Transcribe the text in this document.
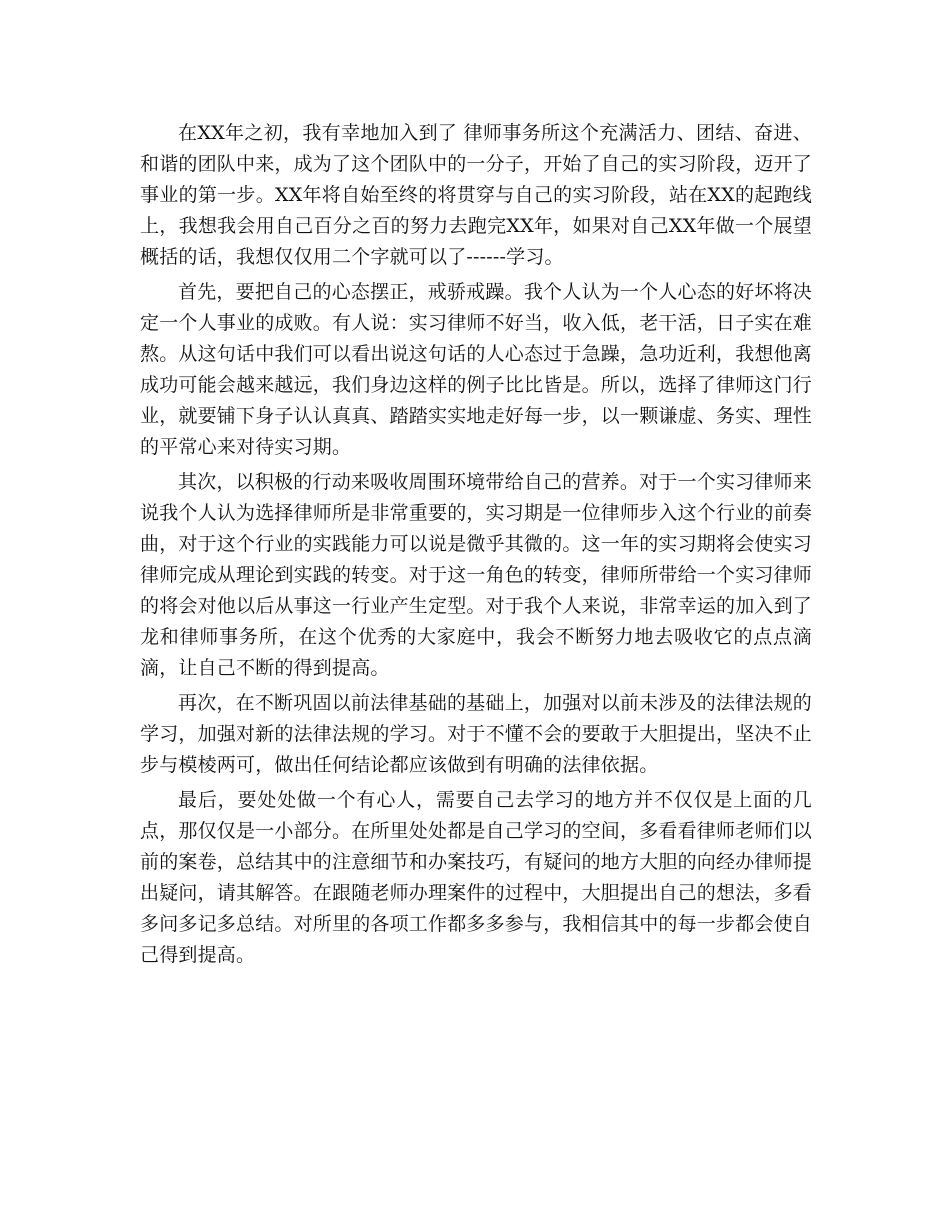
在XX年之初，我有幸地加入到了 律师事务所这个充满活力、团结、奋进、和谐的团队中来，成为了这个团队中的一分子，开始了自己的实习阶段，迈开了事业的第一步。XX年将自始至终的将贯穿与自己的实习阶段，站在XX的起跑线上，我想我会用自己百分之百的努力去跑完XX年，如果对自己XX年做一个展望概括的话，我想仅仅用二个字就可以了------学习。

首先，要把自己的心态摆正，戒骄戒躁。我个人认为一个人心态的好坏将决定一个人事业的成败。有人说：实习律师不好当，收入低，老干活，日子实在难熬。从这句话中我们可以看出说这句话的人心态过于急躁，急功近利，我想他离成功可能会越来越远，我们身边这样的例子比比皆是。所以，选择了律师这门行业，就要铺下身子认认真真、踏踏实实地走好每一步，以一颗谦虚、务实、理性的平常心来对待实习期。

其次，以积极的行动来吸收周围环境带给自己的营养。对于一个实习律师来说我个人认为选择律师所是非常重要的，实习期是一位律师步入这个行业的前奏曲，对于这个行业的实践能力可以说是微乎其微的。这一年的实习期将会使实习律师完成从理论到实践的转变。对于这一角色的转变，律师所带给一个实习律师的将会对他以后从事这一行业产生定型。对于我个人来说，非常幸运的加入到了龙和律师事务所，在这个优秀的大家庭中，我会不断努力地去吸收它的点点滴滴，让自己不断的得到提高。

再次，在不断巩固以前法律基础的基础上，加强对以前未涉及的法律法规的学习，加强对新的法律法规的学习。对于不懂不会的要敢于大胆提出，坚决不止步与模棱两可，做出任何结论都应该做到有明确的法律依据。

最后，要处处做一个有心人，需要自己去学习的地方并不仅仅是上面的几点，那仅仅是一小部分。在所里处处都是自己学习的空间，多看看律师老师们以前的案卷，总结其中的注意细节和办案技巧，有疑问的地方大胆的向经办律师提出疑问，请其解答。在跟随老师办理案件的过程中，大胆提出自己的想法，多看多问多记多总结。对所里的各项工作都多多参与，我相信其中的每一步都会使自己得到提高。
